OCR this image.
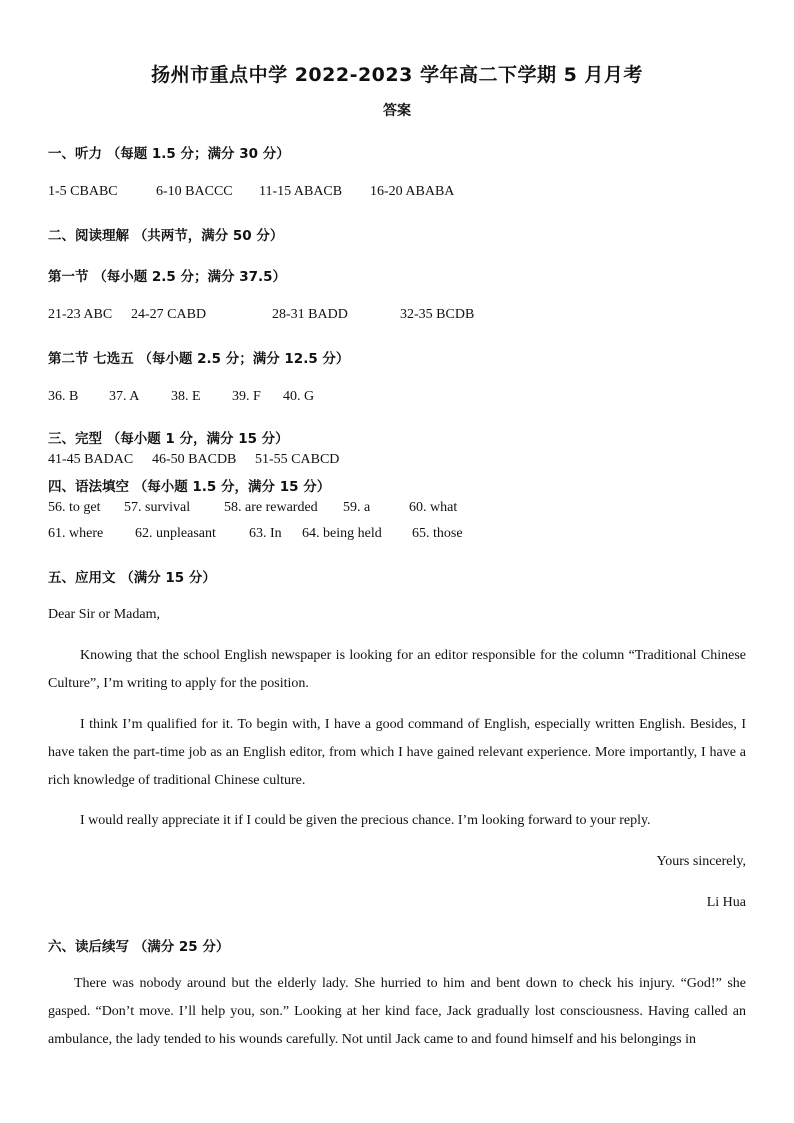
扬州市重点中学 2022-2023 学年高二下学期 5 月月考
答案
一、听力 （每题 1.5 分；满分 30 分）
1-5 CBABC	6-10 BACCC 11-15 ABACB 16-20 ABABA
二、阅读理解 （共两节，满分 50 分）
第一节 （每小题 2.5 分；满分 37.5）
21-23 ABC 24-27 CABD	28-31 BADD	32-35 BCDB
第二节 七选五 （每小题 2.5 分；满分 12.5 分）
36. B 37. A 38. E 39. F 40. G
三、完型 （每小题 1 分，满分 15 分）
41-45 BADAC 46-50 BACDB 51-55 CABCD
四、语法填空 （每小题 1.5 分，满分 15 分）
56. to get 57. survival 58. are rewarded 59. a	60. what
61. where 62. unpleasant 63. In 64. being held 65. those
五、应用文 （满分 15 分）
Dear Sir or Madam,
Knowing that the school English newspaper is looking for an editor responsible for the column “Traditional Chinese Culture”, I’m writing to apply for the position.
I think I’m qualified for it. To begin with, I have a good command of English, especially written English. Besides, I have taken the part-time job as an English editor, from which I have gained relevant experience. More importantly, I have a rich knowledge of traditional Chinese culture.
I would really appreciate it if I could be given the precious chance. I’m looking forward to your reply.
Yours sincerely,
Li Hua
六、读后续写 （满分 25 分）
There was nobody around but the elderly lady. She hurried to him and bent down to check his injury. “God!” she gasped. “Don’t move. I’ll help you, son.” Looking at her kind face, Jack gradually lost consciousness. Having called an ambulance, the lady tended to his wounds carefully. Not until Jack came to and found himself and his belongings in
